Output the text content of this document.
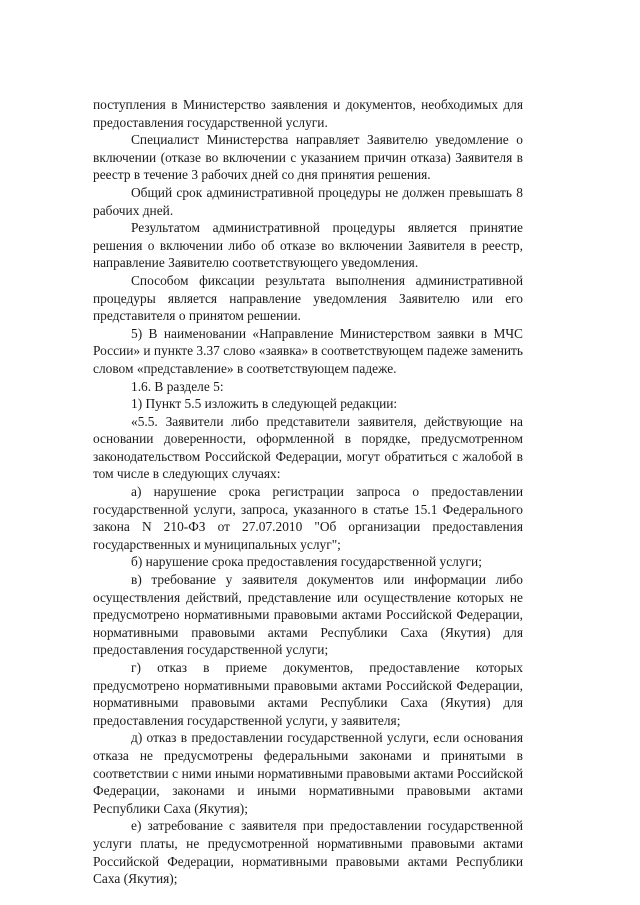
поступления в Министерство заявления и документов, необходимых для предоставления государственной услуги.

Специалист Министерства направляет Заявителю уведомление о включении (отказе во включении с указанием причин отказа) Заявителя в реестр в течение 3 рабочих дней со дня принятия решения.

Общий срок административной процедуры не должен превышать 8 рабочих дней.

Результатом административной процедуры является принятие решения о включении либо об отказе во включении Заявителя в реестр, направление Заявителю соответствующего уведомления.

Способом фиксации результата выполнения административной процедуры является направление уведомления Заявителю или его представителя о принятом решении.

5) В наименовании «Направление Министерством заявки в МЧС России» и пункте 3.37 слово «заявка» в соответствующем падеже заменить словом «представление» в соответствующем падеже.

1.6. В разделе 5:

1) Пункт 5.5 изложить в следующей редакции:

«5.5. Заявители либо представители заявителя, действующие на основании доверенности, оформленной в порядке, предусмотренном законодательством Российской Федерации, могут обратиться с жалобой в том числе в следующих случаях:

а) нарушение срока регистрации запроса о предоставлении государственной услуги, запроса, указанного в статье 15.1 Федерального закона N 210-ФЗ от 27.07.2010 "Об организации предоставления государственных и муниципальных услуг";

б) нарушение срока предоставления государственной услуги;

в) требование у заявителя документов или информации либо осуществления действий, представление или осуществление которых не предусмотрено нормативными правовыми актами Российской Федерации, нормативными правовыми актами Республики Саха (Якутия) для предоставления государственной услуги;

г) отказ в приеме документов, предоставление которых предусмотрено нормативными правовыми актами Российской Федерации, нормативными правовыми актами Республики Саха (Якутия) для предоставления государственной услуги, у заявителя;

д) отказ в предоставлении государственной услуги, если основания отказа не предусмотрены федеральными законами и принятыми в соответствии с ними иными нормативными правовыми актами Российской Федерации, законами и иными нормативными правовыми актами Республики Саха (Якутия);

е) затребование с заявителя при предоставлении государственной услуги платы, не предусмотренной нормативными правовыми актами Российской Федерации, нормативными правовыми актами Республики Саха (Якутия);
